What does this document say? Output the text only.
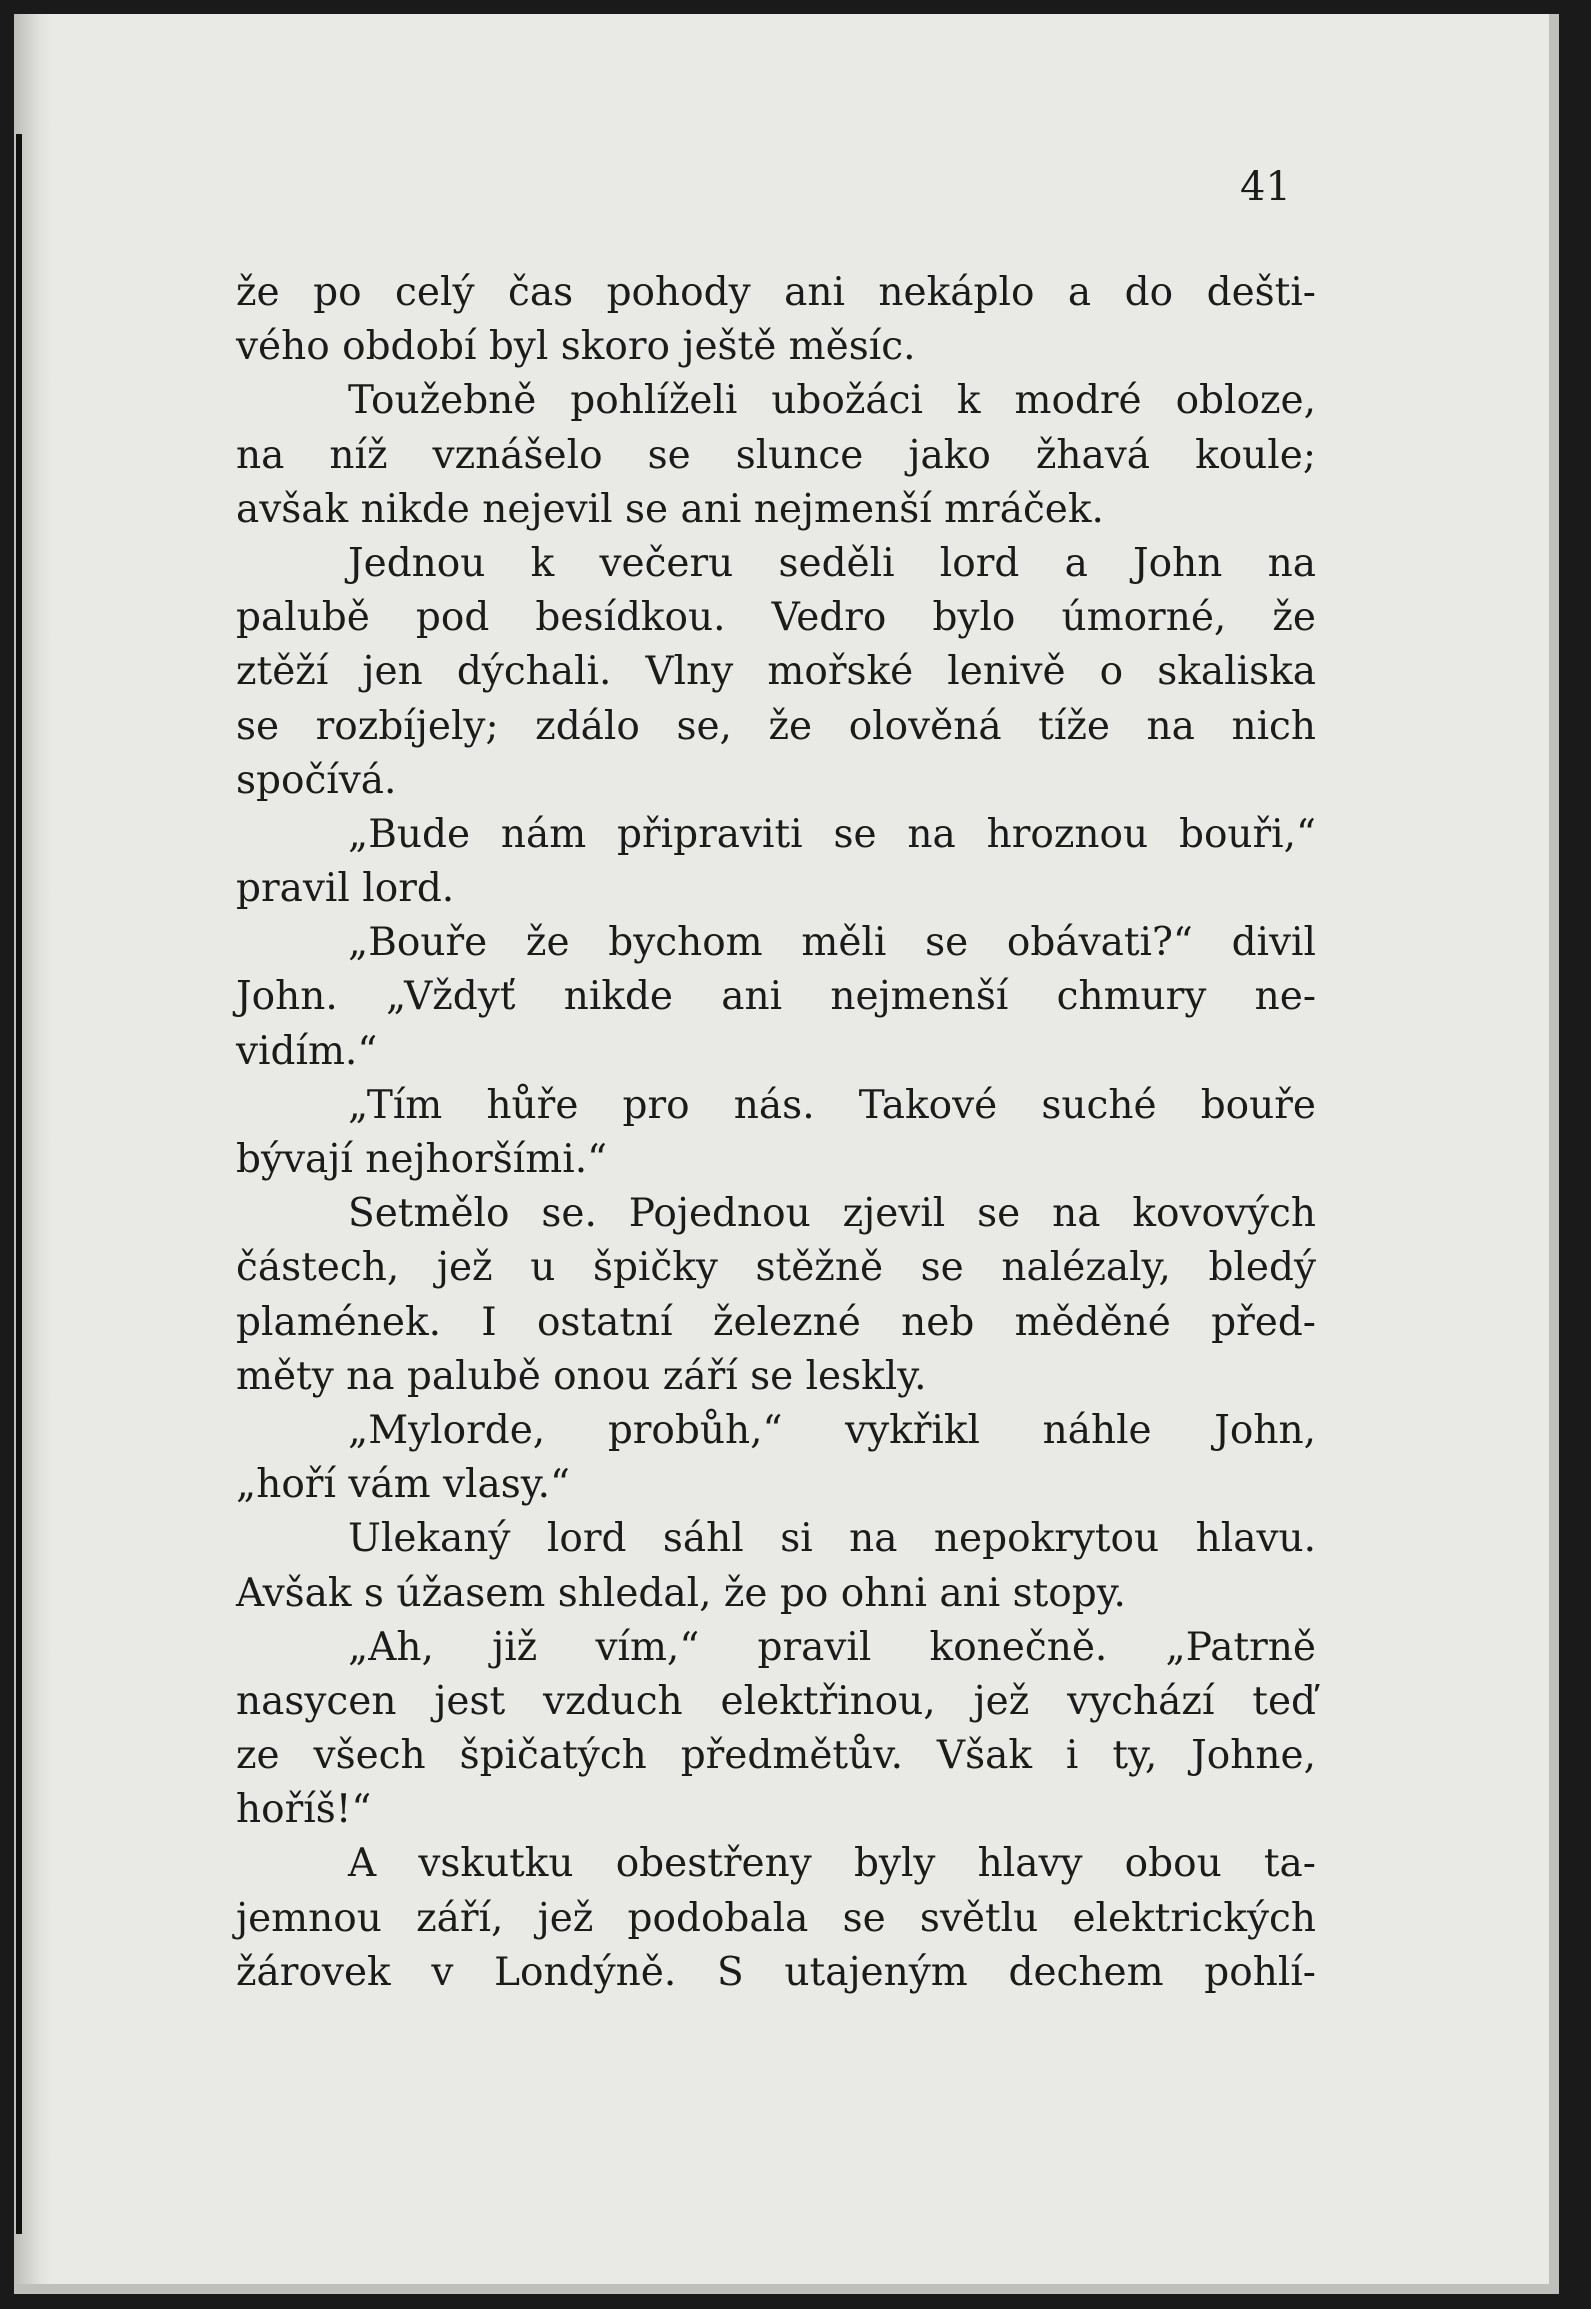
41
že po celý čas pohody ani nekáplo a do dešti-
vého období byl skoro ještě měsíc.
Toužebně pohlíželi ubožáci k modré obloze,
na níž vznášelo se slunce jako žhavá koule;
avšak nikde nejevil se ani nejmenší mráček.
Jednou k večeru seděli lord a John na
palubě pod besídkou. Vedro bylo úmorné, že
ztěží jen dýchali. Vlny mořské lenivě o skaliska
se rozbíjely; zdálo se, že olověná tíže na nich
spočívá.
„Bude nám připraviti se na hroznou bouři,“
pravil lord.
„Bouře že bychom měli se obávati?“ divil
John. „Vždyť nikde ani nejmenší chmury ne-
vidím.“
„Tím hůře pro nás. Takové suché bouře
bývají nejhoršími.“
Setmělo se. Pojednou zjevil se na kovových
částech, jež u špičky stěžně se nalézaly, bledý
plamének. I ostatní železné neb měděné před-
měty na palubě onou září se leskly.
„Mylorde, probůh,“ vykřikl náhle John,
„hoří vám vlasy.“
Ulekaný lord sáhl si na nepokrytou hlavu.
Avšak s úžasem shledal, že po ohni ani stopy.
„Ah, již vím,“ pravil konečně. „Patrně
nasycen jest vzduch elektřinou, jež vychází teď
ze všech špičatých předmětův. Však i ty, Johne,
hoříš!“
A vskutku obestřeny byly hlavy obou ta-
jemnou září, jež podobala se světlu elektrických
žárovek v Londýně. S utajeným dechem pohlí-
